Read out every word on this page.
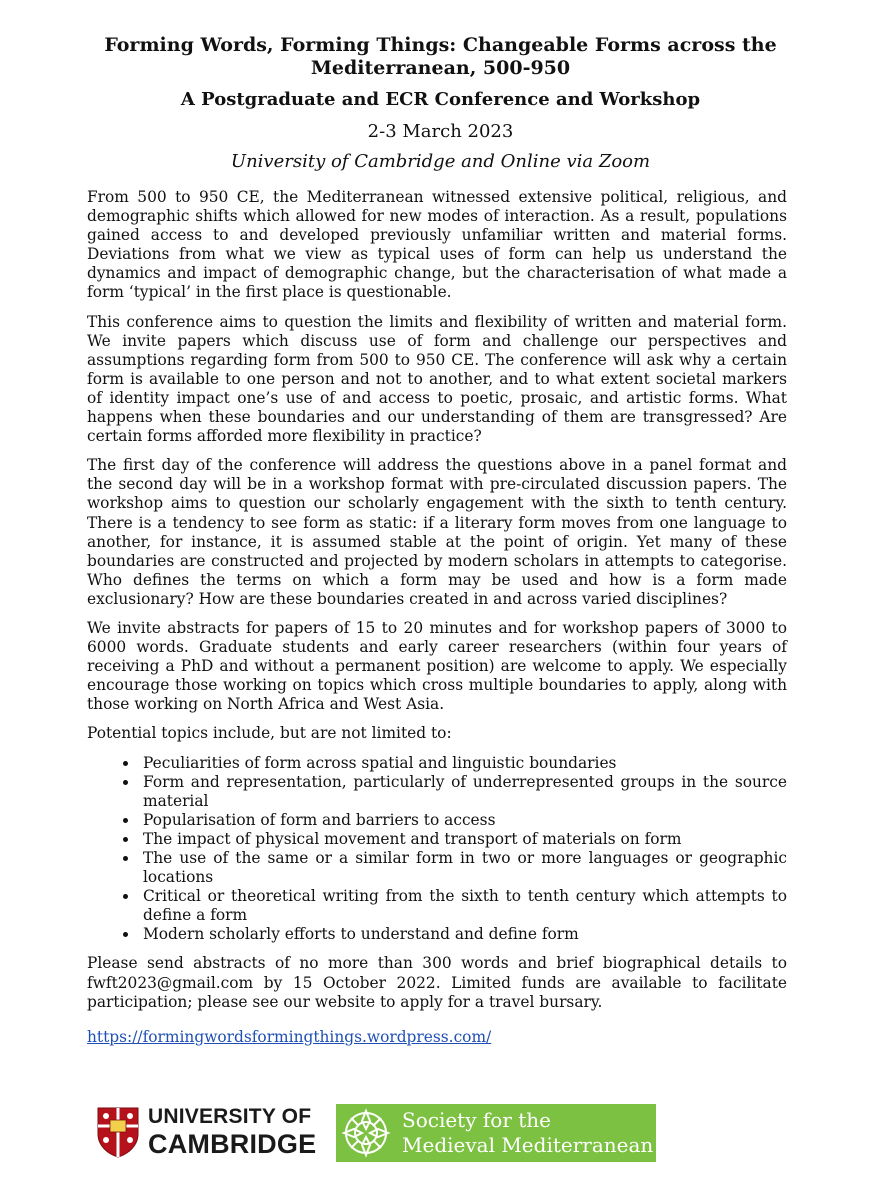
Forming Words, Forming Things: Changeable Forms across the Mediterranean, 500-950
A Postgraduate and ECR Conference and Workshop
2-3 March 2023
University of Cambridge and Online via Zoom

From 500 to 950 CE, the Mediterranean witnessed extensive political, religious, and demographic shifts which allowed for new modes of interaction. As a result, populations gained access to and developed previously unfamiliar written and material forms. Deviations from what we view as typical uses of form can help us understand the dynamics and impact of demographic change, but the characterisation of what made a form ‘typical’ in the first place is questionable.

This conference aims to question the limits and flexibility of written and material form. We invite papers which discuss use of form and challenge our perspectives and assumptions regarding form from 500 to 950 CE. The conference will ask why a certain form is available to one person and not to another, and to what extent societal markers of identity impact one’s use of and access to poetic, prosaic, and artistic forms. What happens when these boundaries and our understanding of them are transgressed? Are certain forms afforded more flexibility in practice?

The first day of the conference will address the questions above in a panel format and the second day will be in a workshop format with pre-circulated discussion papers. The workshop aims to question our scholarly engagement with the sixth to tenth century. There is a tendency to see form as static: if a literary form moves from one language to another, for instance, it is assumed stable at the point of origin. Yet many of these boundaries are constructed and projected by modern scholars in attempts to categorise. Who defines the terms on which a form may be used and how is a form made exclusionary? How are these boundaries created in and across varied disciplines?

We invite abstracts for papers of 15 to 20 minutes and for workshop papers of 3000 to 6000 words. Graduate students and early career researchers (within four years of receiving a PhD and without a permanent position) are welcome to apply. We especially encourage those working on topics which cross multiple boundaries to apply, along with those working on North Africa and West Asia.

Potential topics include, but are not limited to:

• Peculiarities of form across spatial and linguistic boundaries
• Form and representation, particularly of underrepresented groups in the source material
• Popularisation of form and barriers to access
• The impact of physical movement and transport of materials on form
• The use of the same or a similar form in two or more languages or geographic locations
• Critical or theoretical writing from the sixth to tenth century which attempts to define a form
• Modern scholarly efforts to understand and define form

Please send abstracts of no more than 300 words and brief biographical details to fwft2023@gmail.com by 15 October 2022. Limited funds are available to facilitate participation; please see our website to apply for a travel bursary.

https://formingwordsformingthings.wordpress.com/
UNIVERSITY OF
CAMBRIDGE
Society for the
Medieval Mediterranean
